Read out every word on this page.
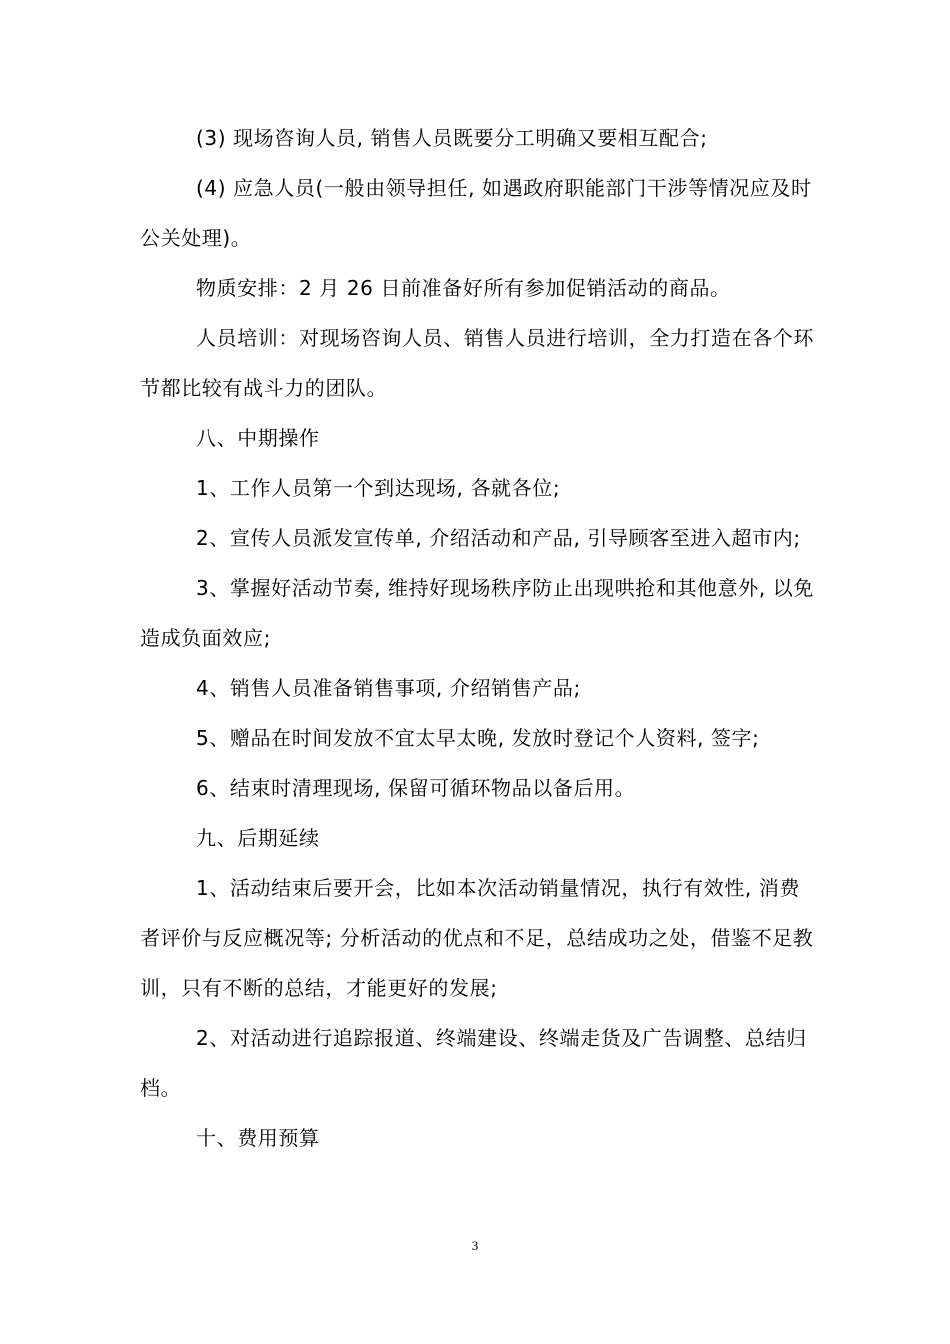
(3) 现场咨询人员, 销售人员既要分工明确又要相互配合;

(4) 应急人员(一般由领导担任, 如遇政府职能部门干涉等情况应及时公关处理)。

物质安排：2 月 26 日前准备好所有参加促销活动的商品。

人员培训：对现场咨询人员、销售人员进行培训，全力打造在各个环节都比较有战斗力的团队。

八、中期操作

1、工作人员第一个到达现场, 各就各位;

2、宣传人员派发宣传单, 介绍活动和产品, 引导顾客至进入超市内;

3、掌握好活动节奏, 维持好现场秩序防止出现哄抢和其他意外, 以免造成负面效应;

4、销售人员准备销售事项, 介绍销售产品;

5、赠品在时间发放不宜太早太晚, 发放时登记个人资料, 签字;

6、结束时清理现场, 保留可循环物品以备后用。

九、后期延续

1、活动结束后要开会，比如本次活动销量情况，执行有效性, 消费者评价与反应概况等; 分析活动的优点和不足，总结成功之处，借鉴不足教训，只有不断的总结，才能更好的发展;

2、对活动进行追踪报道、终端建设、终端走货及广告调整、总结归档。

十、费用预算

3
